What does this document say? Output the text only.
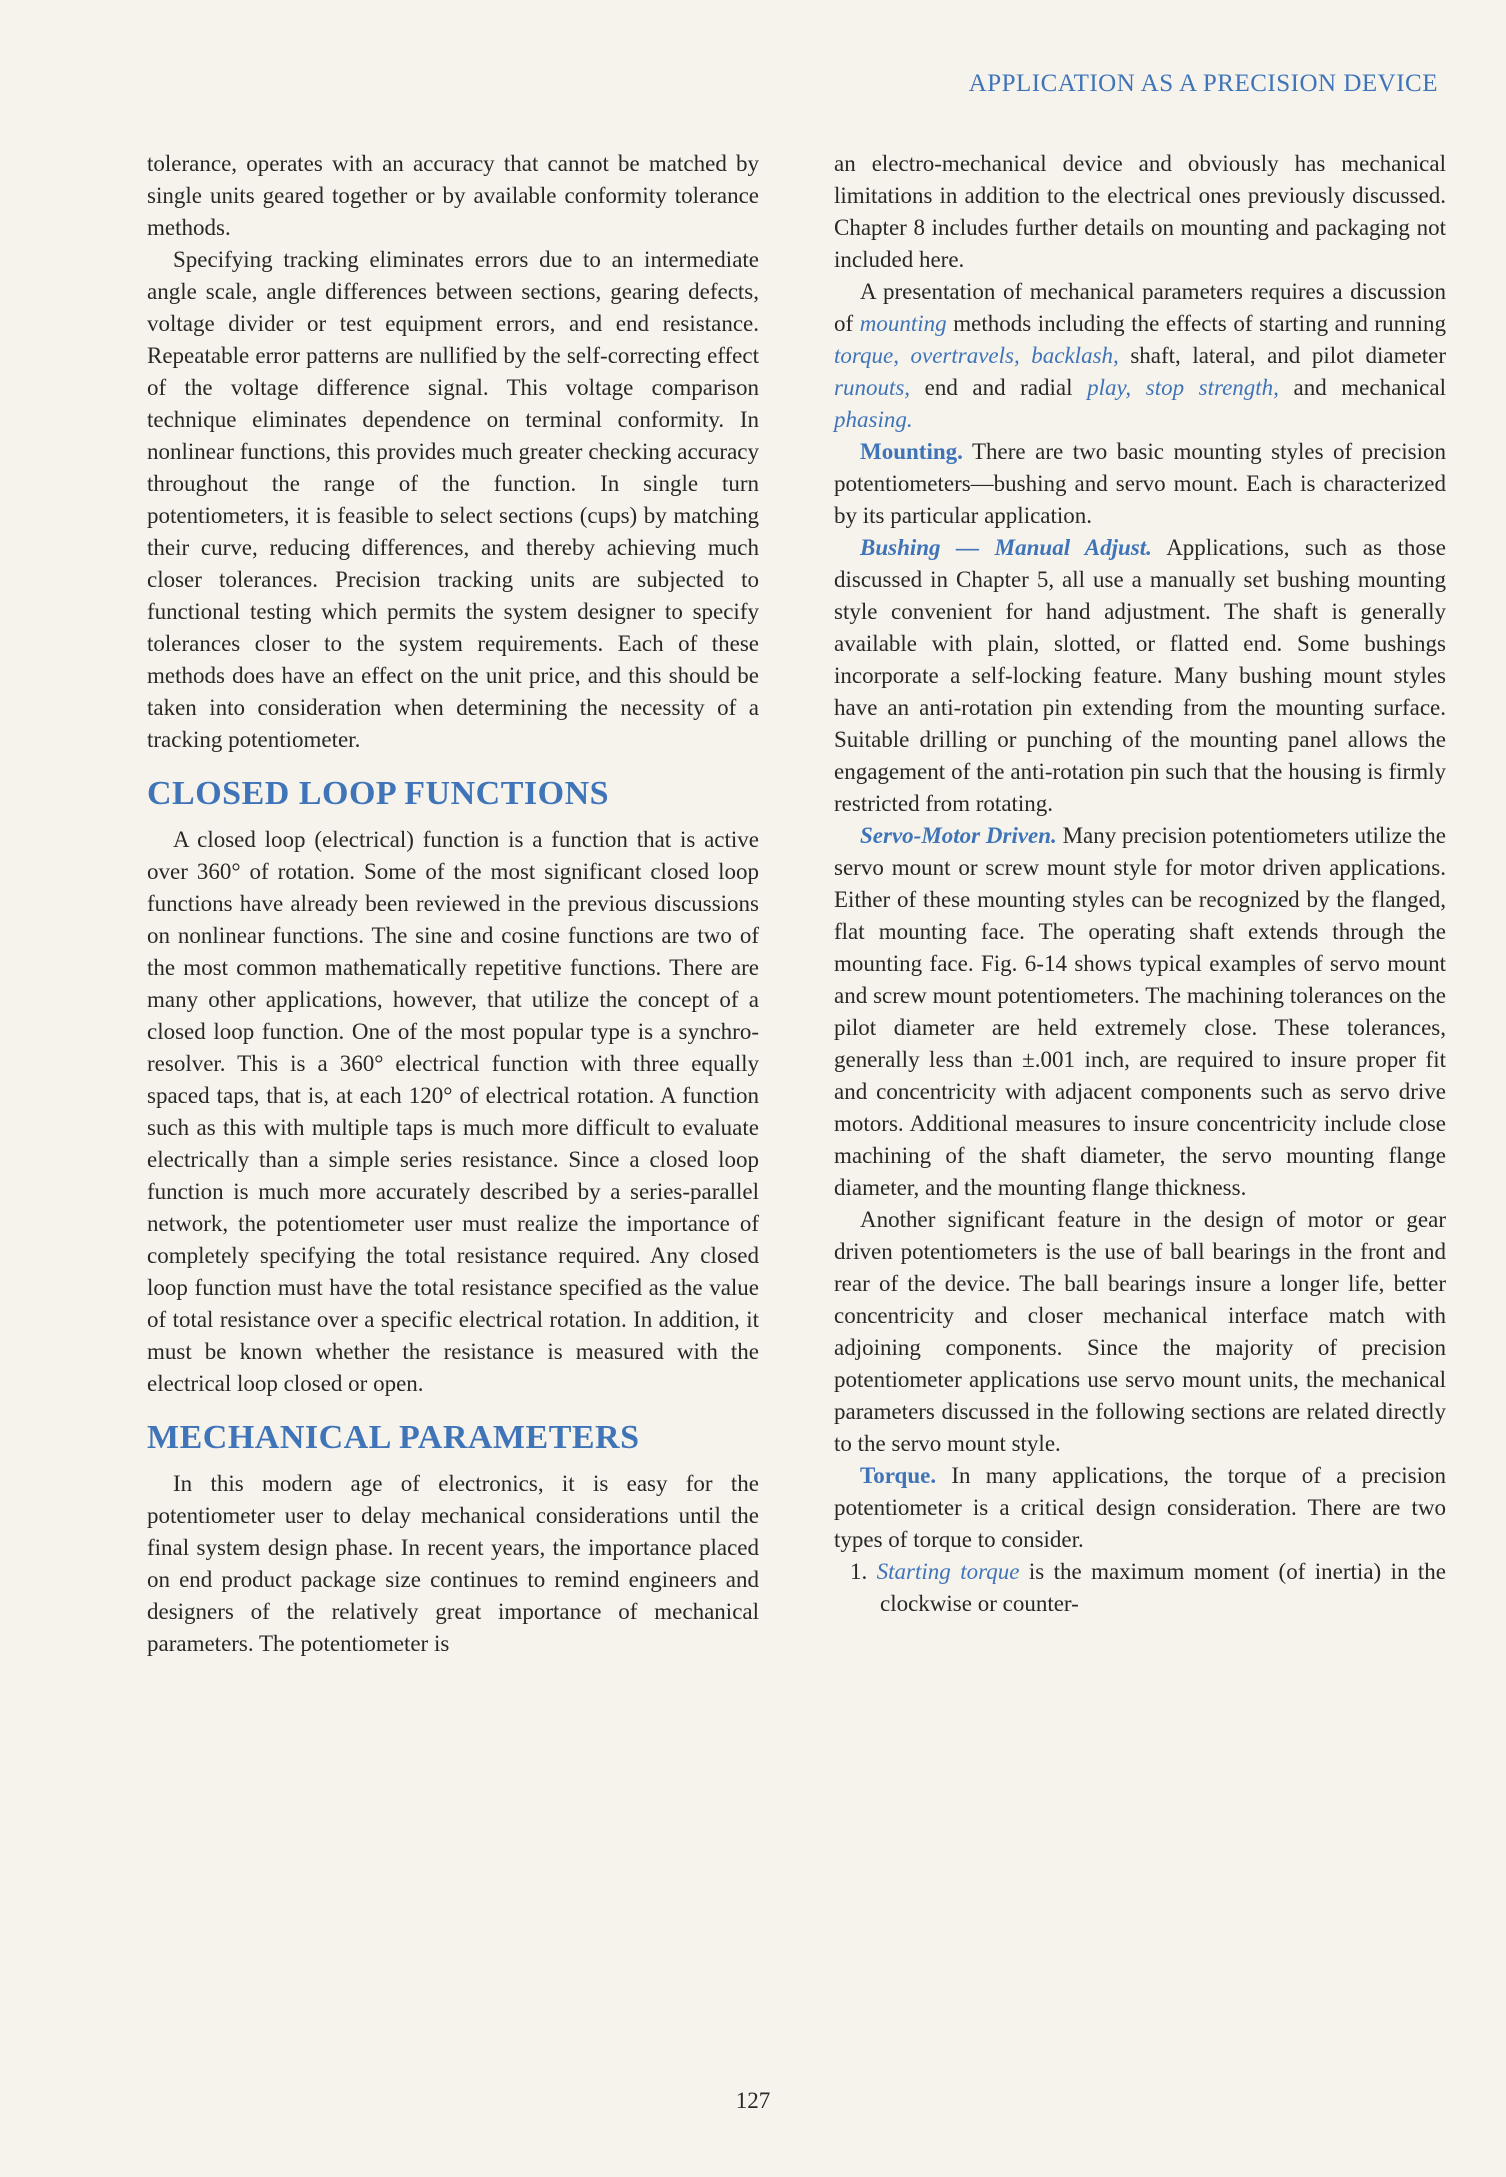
APPLICATION AS A PRECISION DEVICE

tolerance, operates with an accuracy that cannot be matched by single units geared together or by available conformity tolerance methods.

Specifying tracking eliminates errors due to an intermediate angle scale, angle differences between sections, gearing defects, voltage divider or test equipment errors, and end resistance. Repeatable error patterns are nullified by the self-correcting effect of the voltage difference signal. This voltage comparison technique eliminates dependence on terminal conformity. In nonlinear functions, this provides much greater checking accuracy throughout the range of the function. In single turn potentiometers, it is feasible to select sections (cups) by matching their curve, reducing differences, and thereby achieving much closer tolerances. Precision tracking units are subjected to functional testing which permits the system designer to specify tolerances closer to the system requirements. Each of these methods does have an effect on the unit price, and this should be taken into consideration when determining the necessity of a tracking potentiometer.

CLOSED LOOP FUNCTIONS

A closed loop (electrical) function is a function that is active over 360° of rotation. Some of the most significant closed loop functions have already been reviewed in the previous discussions on nonlinear functions. The sine and cosine functions are two of the most common mathematically repetitive functions. There are many other applications, however, that utilize the concept of a closed loop function. One of the most popular type is a synchro-resolver. This is a 360° electrical function with three equally spaced taps, that is, at each 120° of electrical rotation. A function such as this with multiple taps is much more difficult to evaluate electrically than a simple series resistance. Since a closed loop function is much more accurately described by a series-parallel network, the potentiometer user must realize the importance of completely specifying the total resistance required. Any closed loop function must have the total resistance specified as the value of total resistance over a specific electrical rotation. In addition, it must be known whether the resistance is measured with the electrical loop closed or open.

MECHANICAL PARAMETERS

In this modern age of electronics, it is easy for the potentiometer user to delay mechanical considerations until the final system design phase. In recent years, the importance placed on end product package size continues to remind engineers and designers of the relatively great importance of mechanical parameters. The potentiometer is

an electro-mechanical device and obviously has mechanical limitations in addition to the electrical ones previously discussed. Chapter 8 includes further details on mounting and packaging not included here.

A presentation of mechanical parameters requires a discussion of mounting methods including the effects of starting and running torque, overtravels, backlash, shaft, lateral, and pilot diameter runouts, end and radial play, stop strength, and mechanical phasing.

Mounting. There are two basic mounting styles of precision potentiometers—bushing and servo mount. Each is characterized by its particular application.

Bushing — Manual Adjust. Applications, such as those discussed in Chapter 5, all use a manually set bushing mounting style convenient for hand adjustment. The shaft is generally available with plain, slotted, or flatted end. Some bushings incorporate a self-locking feature. Many bushing mount styles have an anti-rotation pin extending from the mounting surface. Suitable drilling or punching of the mounting panel allows the engagement of the anti-rotation pin such that the housing is firmly restricted from rotating.

Servo-Motor Driven. Many precision potentiometers utilize the servo mount or screw mount style for motor driven applications. Either of these mounting styles can be recognized by the flanged, flat mounting face. The operating shaft extends through the mounting face. Fig. 6-14 shows typical examples of servo mount and screw mount potentiometers. The machining tolerances on the pilot diameter are held extremely close. These tolerances, generally less than ±.001 inch, are required to insure proper fit and concentricity with adjacent components such as servo drive motors. Additional measures to insure concentricity include close machining of the shaft diameter, the servo mounting flange diameter, and the mounting flange thickness.

Another significant feature in the design of motor or gear driven potentiometers is the use of ball bearings in the front and rear of the device. The ball bearings insure a longer life, better concentricity and closer mechanical interface match with adjoining components. Since the majority of precision potentiometer applications use servo mount units, the mechanical parameters discussed in the following sections are related directly to the servo mount style.

Torque. In many applications, the torque of a precision potentiometer is a critical design consideration. There are two types of torque to consider.

1. Starting torque is the maximum moment (of inertia) in the clockwise or counter-

127
